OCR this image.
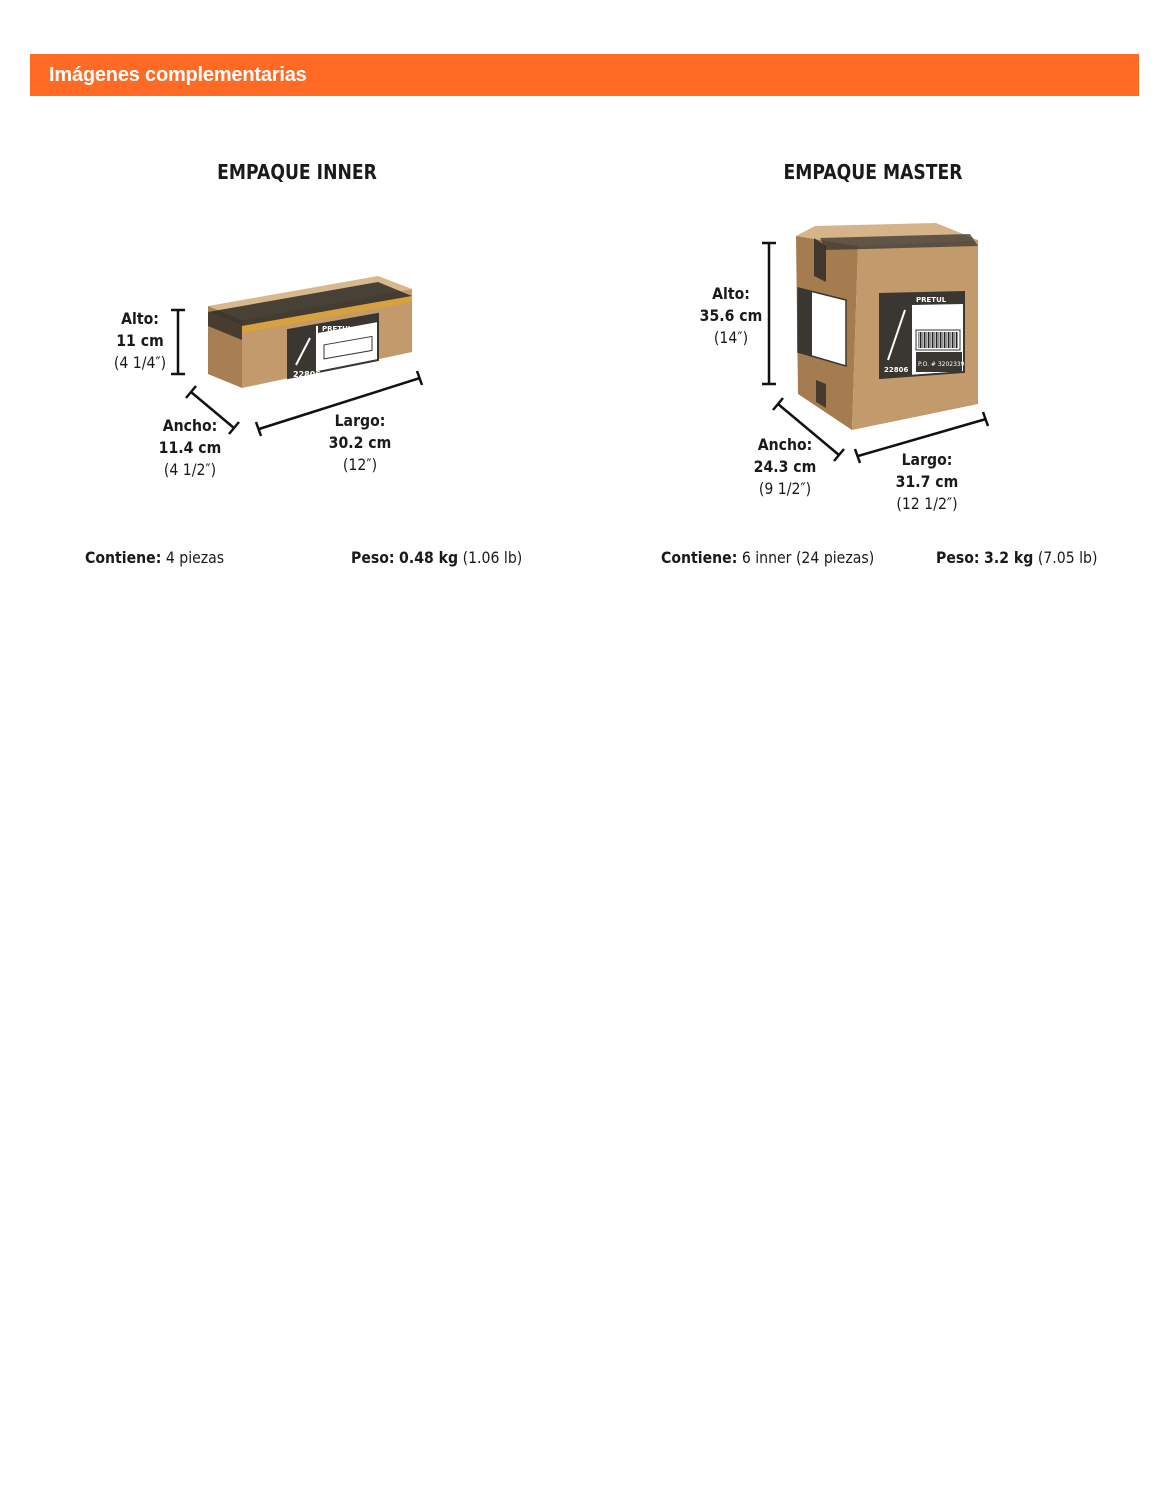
Imágenes complementarias
EMPAQUE INNER	EMPAQUE MASTER
PRETUL
22806
PRETUL
22806
P.O. # 3202339
Alto:
11 cm
(4 1/4″)
Ancho:
11.4 cm
(4 1/2″)
Largo:
30.2 cm
(12″)
Alto:
35.6 cm
(14″)
Ancho:
24.3 cm
(9 1/2″)
Largo:
31.7 cm
(12 1/2″)
Contiene: 4 piezas	Peso: 0.48 kg (1.06 lb)	Contiene: 6 inner (24 piezas)	Peso: 3.2 kg (7.05 lb)
